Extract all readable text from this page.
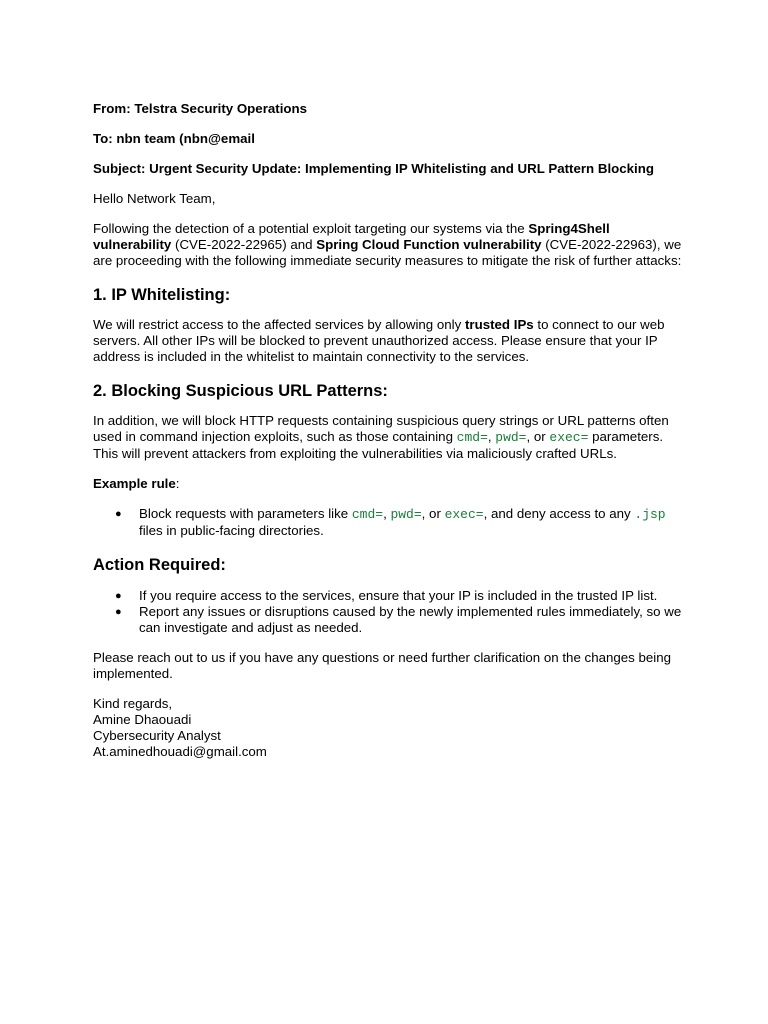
From: Telstra Security Operations

To: nbn team (nbn@email

Subject: Urgent Security Update: Implementing IP Whitelisting and URL Pattern Blocking

Hello Network Team,

Following the detection of a potential exploit targeting our systems via the Spring4Shell vulnerability (CVE-2022-22965) and Spring Cloud Function vulnerability (CVE-2022-22963), we are proceeding with the following immediate security measures to mitigate the risk of further attacks:

1. IP Whitelisting:

We will restrict access to the affected services by allowing only trusted IPs to connect to our web servers. All other IPs will be blocked to prevent unauthorized access. Please ensure that your IP address is included in the whitelist to maintain connectivity to the services.

2. Blocking Suspicious URL Patterns:

In addition, we will block HTTP requests containing suspicious query strings or URL patterns often used in command injection exploits, such as those containing cmd=, pwd=, or exec= parameters. This will prevent attackers from exploiting the vulnerabilities via maliciously crafted URLs.

Example rule:

● Block requests with parameters like cmd=, pwd=, or exec=, and deny access to any .jsp files in public-facing directories.
Action Required:
● If you require access to the services, ensure that your IP is included in the trusted IP list.
● Report any issues or disruptions caused by the newly implemented rules immediately, so we can investigate and adjust as needed.

Please reach out to us if you have any questions or need further clarification on the changes being implemented.

Kind regards,

Amine Dhaouadi

Cybersecurity Analyst

At.aminedhouadi@gmail.com
